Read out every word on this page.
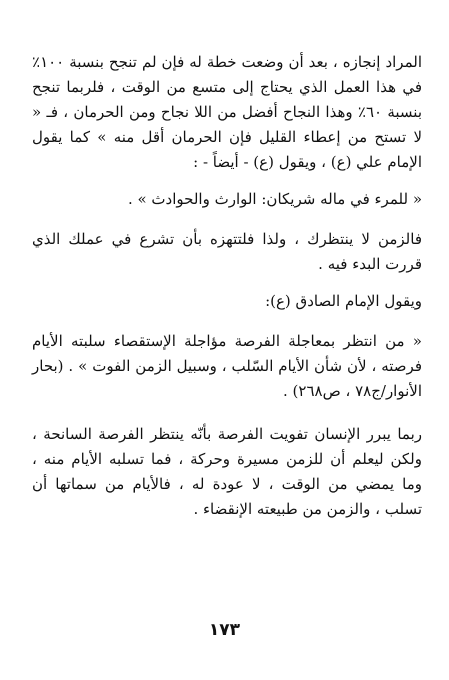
المراد إنجازه ، بعد أن وضعت خطة له فإن لم تنجح بنسبة ١٠٠٪ في هذا العمل الذي يحتاج إلى متسع من الوقت ، فلربما تنجح بنسبة ٦٠٪ وهذا النجاح أفضل من اللا نجاح ومن الحرمان ، فـ « لا تستح من إعطاء القليل فإن الحرمان أقل منه » كما يقول الإمام علي (ع) ، ويقول (ع) - أيضاً - :

« للمرء في ماله شريكان: الوارث والحوادث » .

فالزمن لا ينتظرك ، ولذا فلتتهزه بأن تشرع في عملك الذي قررت البدء فيه .

ويقول الإمام الصادق (ع):

« من انتظر بمعاجلة الفرصة مؤاجلة الإستقصاء سلبته الأيام فرصته ، لأن شأن الأيام السّلب ، وسبيل الزمن الفوت » . (بحار الأنوار/ج٧٨ ، ص٢٦٨) .

ربما يبرر الإنسان تفويت الفرصة بأنّه ينتظر الفرصة السانحة ، ولكن ليعلم أن للزمن مسيرة وحركة ، فما تسلبه الأيام منه ، وما يمضي من الوقت ، لا عودة له ، فالأيام من سماتها أن تسلب ، والزمن من طبيعته الإنقضاء .

١٧٣
